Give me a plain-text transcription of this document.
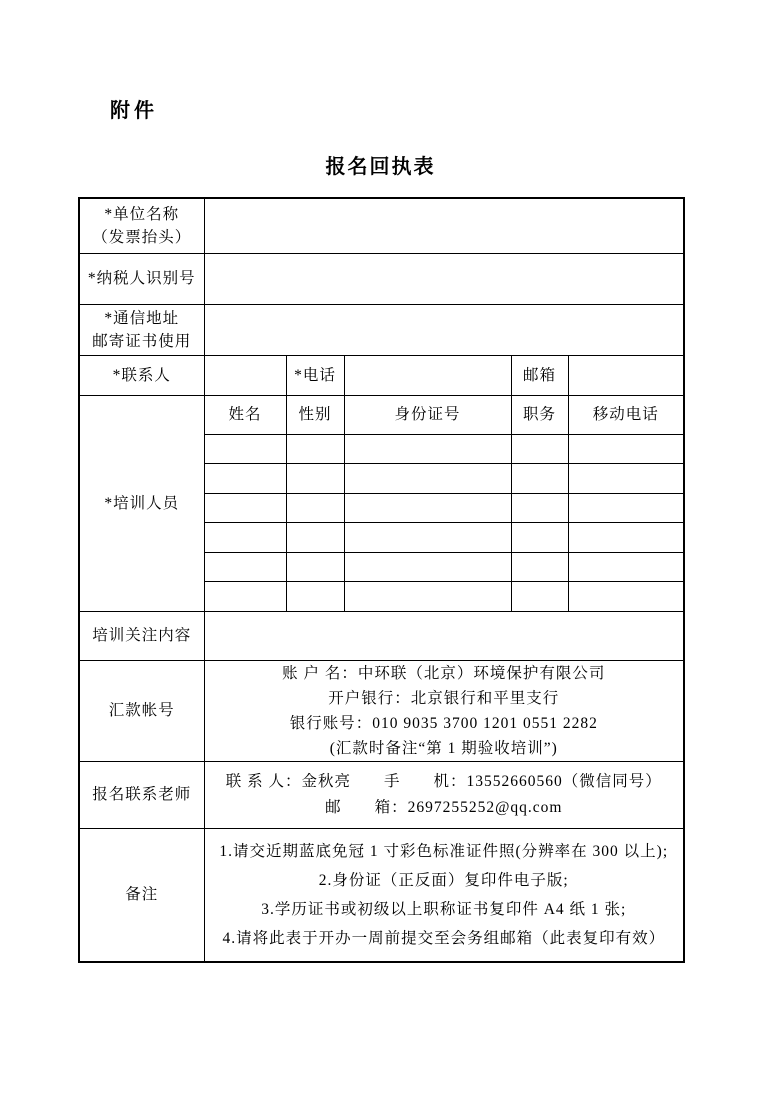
附件
报名回执表
*单位名称
（发票抬头）					

*纳税人识别号					

*通信地址
邮寄证书使用					

*联系人		*电话		邮箱	
*培训人员	姓名	性别	身份证号	职务	移动电话

培训关注内容					
汇款帐号	账 户 名：中环联（北京）环境保护有限公司
开户银行：北京银行和平里支行
银行账号：010 9035 3700 1201 0551 2282
(汇款时备注“第 1 期验收培训”)				

报名联系老师	联 系 人：金秋亮　　手　　机：13552660560（微信同号）
邮　　箱：2697255252@qq.com				

备注	1.请交近期蓝底免冠 1 寸彩色标准证件照(分辨率在 300 以上);
2.身份证（正反面）复印件电子版;
3.学历证书或初级以上职称证书复印件 A4 纸 1 张;
4.请将此表于开办一周前提交至会务组邮箱（此表复印有效）				
